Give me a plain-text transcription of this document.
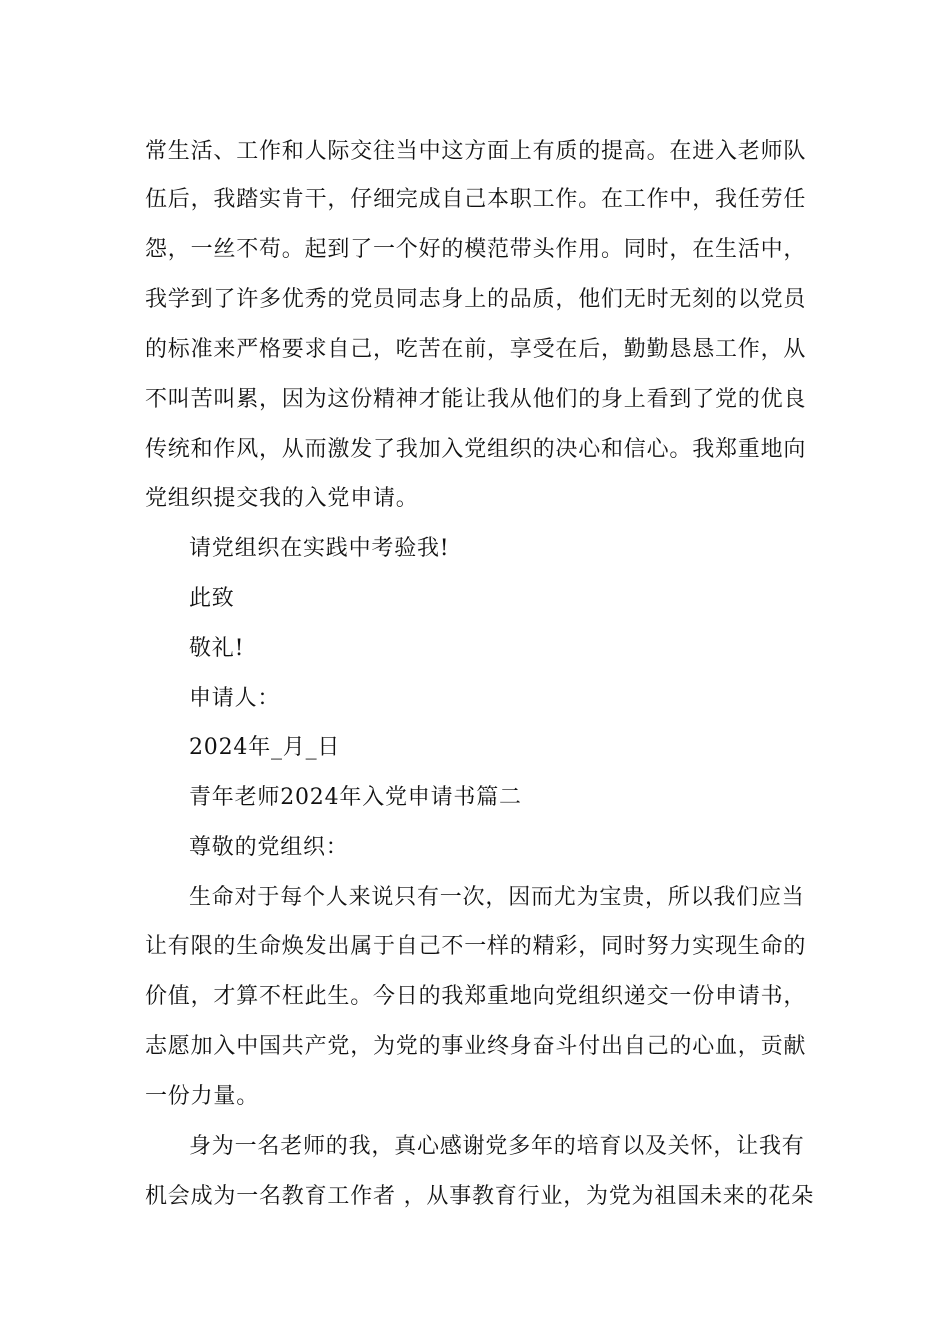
常生活、工作和人际交往当中这方面上有质的提高。在进入老师队
伍后，我踏实肯干，仔细完成自己本职工作。在工作中，我任劳任
怨，一丝不苟。起到了一个好的模范带头作用。同时，在生活中，
我学到了许多优秀的党员同志身上的品质，他们无时无刻的以党员
的标准来严格要求自己，吃苦在前，享受在后，勤勤恳恳工作，从
不叫苦叫累，因为这份精神才能让我从他们的身上看到了党的优良
传统和作风，从而激发了我加入党组织的决心和信心。我郑重地向
党组织提交我的入党申请。
请党组织在实践中考验我!
此致
敬礼!
申请人：
2024年_月_日
青年老师2024年入党申请书篇二
尊敬的党组织：
生命对于每个人来说只有一次，因而尤为宝贵，所以我们应当
让有限的生命焕发出属于自己不一样的精彩，同时努力实现生命的
价值，才算不枉此生。今日的我郑重地向党组织递交一份申请书，
志愿加入中国共产党，为党的事业终身奋斗付出自己的心血，贡献
一份力量。
身为一名老师的我，真心感谢党多年的培育以及关怀，让我有
机会成为一名教育工作者 ，从事教育行业，为党为祖国未来的花朵
